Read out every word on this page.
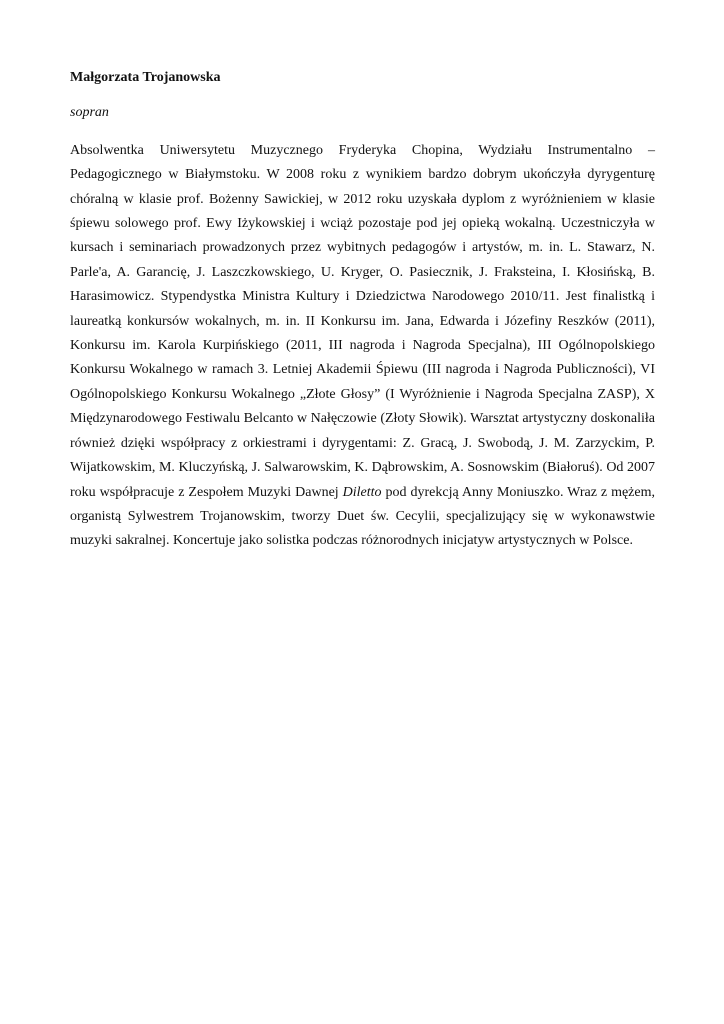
Małgorzata Trojanowska

sopran

Absolwentka Uniwersytetu Muzycznego Fryderyka Chopina, Wydziału Instrumentalno – Pedagogicznego w Białymstoku. W 2008 roku z wynikiem bardzo dobrym ukończyła dyrygenturę chóralną w klasie prof. Bożenny Sawickiej, w 2012 roku uzyskała dyplom z wyróżnieniem w klasie śpiewu solowego prof. Ewy Iżykowskiej i wciąż pozostaje pod jej opieką wokalną. Uczestniczyła w kursach i seminariach prowadzonych przez wybitnych pedagogów i artystów, m. in. L. Stawarz, N. Parle'a, A. Garancię, J. Laszczkowskiego, U. Kryger, O. Pasiecznik, J. Fraksteina, I. Kłosińską, B. Harasimowicz. Stypendystka Ministra Kultury i Dziedzictwa Narodowego 2010/11. Jest finalistką i laureatką konkursów wokalnych, m. in. II Konkursu im. Jana, Edwarda i Józefiny Reszków (2011), Konkursu im. Karola Kurpińskiego (2011, III nagroda i Nagroda Specjalna), III Ogólnopolskiego Konkursu Wokalnego w ramach 3. Letniej Akademii Śpiewu (III nagroda i Nagroda Publiczności), VI Ogólnopolskiego Konkursu Wokalnego „Złote Głosy” (I Wyróżnienie i Nagroda Specjalna ZASP), X Międzynarodowego Festiwalu Belcanto w Nałęczowie (Złoty Słowik). Warsztat artystyczny doskonaliła również dzięki współpracy z orkiestrami i dyrygentami: Z. Gracą, J. Swobodą, J. M. Zarzyckim, P. Wijatkowskim, M. Kluczyńską, J. Salwarowskim, K. Dąbrowskim, A. Sosnowskim (Białoruś). Od 2007 roku współpracuje z Zespołem Muzyki Dawnej Diletto pod dyrekcją Anny Moniuszko. Wraz z mężem, organistą Sylwestrem Trojanowskim, tworzy Duet św. Cecylii, specjalizujący się w wykonawstwie muzyki sakralnej. Koncertuje jako solistka podczas różnorodnych inicjatyw artystycznych w Polsce.
